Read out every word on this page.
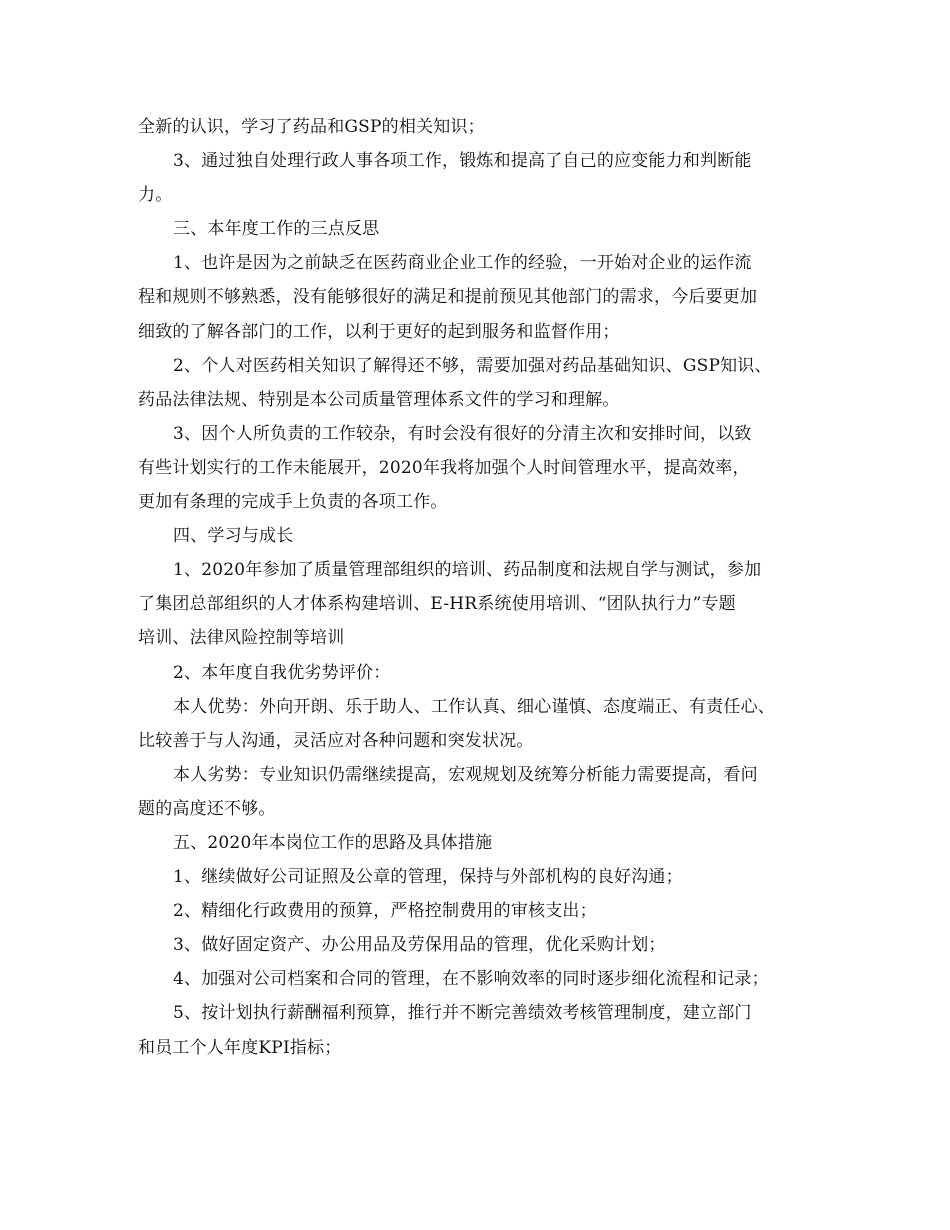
全新的认识，学习了药品和GSP的相关知识；
3、通过独自处理行政人事各项工作，锻炼和提高了自己的应变能力和判断能
力。
三、本年度工作的三点反思
1、也许是因为之前缺乏在医药商业企业工作的经验，一开始对企业的运作流
程和规则不够熟悉，没有能够很好的满足和提前预见其他部门的需求，今后要更加
细致的了解各部门的工作，以利于更好的起到服务和监督作用；
2、个人对医药相关知识了解得还不够，需要加强对药品基础知识、GSP知识、
药品法律法规、特别是本公司质量管理体系文件的学习和理解。
3、因个人所负责的工作较杂，有时会没有很好的分清主次和安排时间，以致
有些计划实行的工作未能展开，2020年我将加强个人时间管理水平，提高效率，
更加有条理的完成手上负责的各项工作。
四、学习与成长
1、2020年参加了质量管理部组织的培训、药品制度和法规自学与测试，参加
了集团总部组织的人才体系构建培训、E-HR系统使用培训、“团队执行力”专题
培训、法律风险控制等培训
2、本年度自我优劣势评价：
本人优势：外向开朗、乐于助人、工作认真、细心谨慎、态度端正、有责任心、
比较善于与人沟通，灵活应对各种问题和突发状况。
本人劣势：专业知识仍需继续提高，宏观规划及统筹分析能力需要提高，看问
题的高度还不够。
五、2020年本岗位工作的思路及具体措施
1、继续做好公司证照及公章的管理，保持与外部机构的良好沟通；
2、精细化行政费用的预算，严格控制费用的审核支出；
3、做好固定资产、办公用品及劳保用品的管理，优化采购计划；
4、加强对公司档案和合同的管理，在不影响效率的同时逐步细化流程和记录；
5、按计划执行薪酬福利预算，推行并不断完善绩效考核管理制度，建立部门
和员工个人年度KPI指标；
